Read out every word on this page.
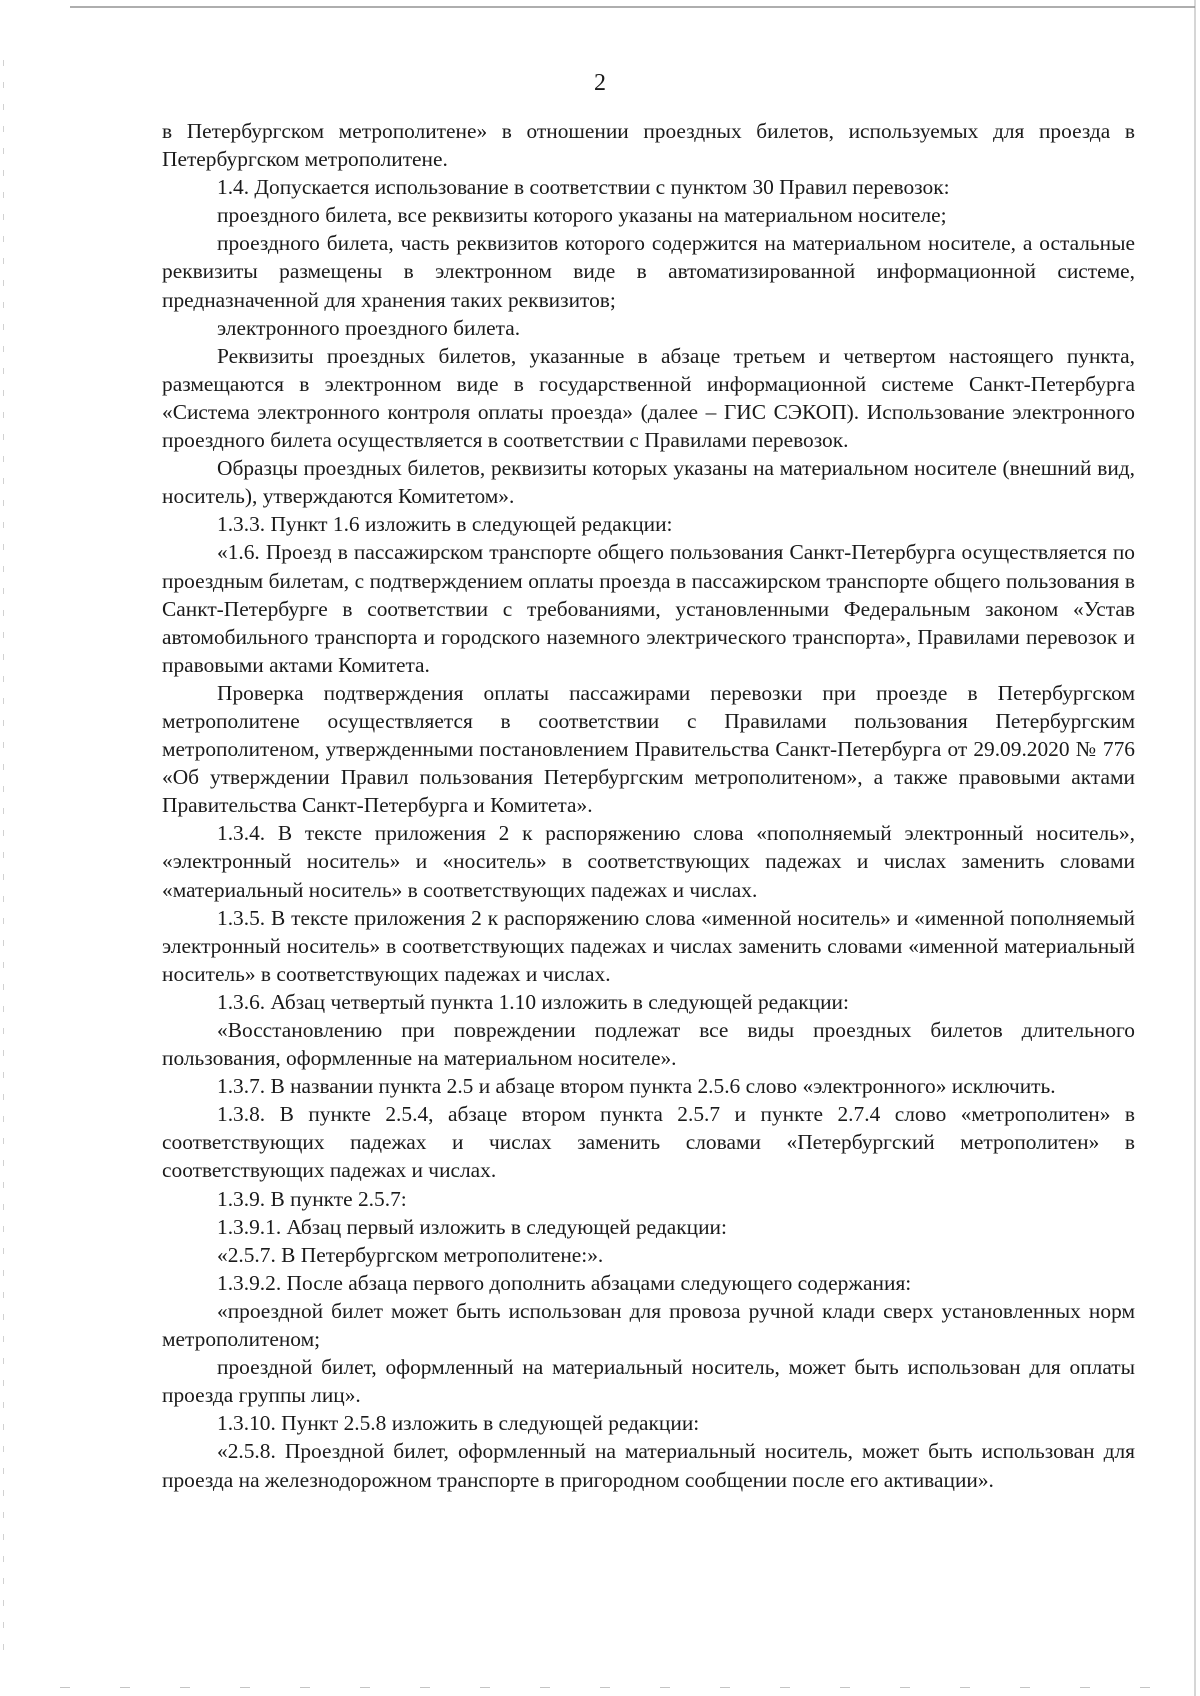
2

в Петербургском метрополитене» в отношении проездных билетов, используемых для проезда в Петербургском метрополитене.

1.4. Допускается использование в соответствии с пунктом 30 Правил перевозок:

проездного билета, все реквизиты которого указаны на материальном носителе;

проездного билета, часть реквизитов которого содержится на материальном носителе, а остальные реквизиты размещены в электронном виде в автоматизированной информационной системе, предназначенной для хранения таких реквизитов;

электронного проездного билета.

Реквизиты проездных билетов, указанные в абзаце третьем и четвертом настоящего пункта, размещаются в электронном виде в государственной информационной системе Санкт-Петербурга «Система электронного контроля оплаты проезда» (далее – ГИС СЭКОП). Использование электронного проездного билета осуществляется в соответствии с Правилами перевозок.

Образцы проездных билетов, реквизиты которых указаны на материальном носителе (внешний вид, носитель), утверждаются Комитетом».

1.3.3. Пункт 1.6 изложить в следующей редакции:

«1.6. Проезд в пассажирском транспорте общего пользования Санкт-Петербурга осуществляется по проездным билетам, с подтверждением оплаты проезда в пассажирском транспорте общего пользования в Санкт-Петербурге в соответствии с требованиями, установленными Федеральным законом «Устав автомобильного транспорта и городского наземного электрического транспорта», Правилами перевозок и правовыми актами Комитета.

Проверка подтверждения оплаты пассажирами перевозки при проезде в Петербургском метрополитене осуществляется в соответствии с Правилами пользования Петербургским метрополитеном, утвержденными постановлением Правительства Санкт-Петербурга от 29.09.2020 № 776 «Об утверждении Правил пользования Петербургским метрополитеном», а также правовыми актами Правительства Санкт-Петербурга и Комитета».

1.3.4. В тексте приложения 2 к распоряжению слова «пополняемый электронный носитель», «электронный носитель» и «носитель» в соответствующих падежах и числах заменить словами «материальный носитель» в соответствующих падежах и числах.

1.3.5. В тексте приложения 2 к распоряжению слова «именной носитель» и «именной пополняемый электронный носитель» в соответствующих падежах и числах заменить словами «именной материальный носитель» в соответствующих падежах и числах.

1.3.6. Абзац четвертый пункта 1.10 изложить в следующей редакции:

«Восстановлению при повреждении подлежат все виды проездных билетов длительного пользования, оформленные на материальном носителе».

1.3.7. В названии пункта 2.5 и абзаце втором пункта 2.5.6 слово «электронного» исключить.

1.3.8. В пункте 2.5.4, абзаце втором пункта 2.5.7 и пункте 2.7.4 слово «метрополитен» в соответствующих падежах и числах заменить словами «Петербургский метрополитен» в соответствующих падежах и числах.

1.3.9. В пункте 2.5.7:

1.3.9.1. Абзац первый изложить в следующей редакции:

«2.5.7. В Петербургском метрополитене:».

1.3.9.2. После абзаца первого дополнить абзацами следующего содержания:

«проездной билет может быть использован для провоза ручной клади сверх установленных норм метрополитеном;

проездной билет, оформленный на материальный носитель, может быть использован для оплаты проезда группы лиц».

1.3.10. Пункт 2.5.8 изложить в следующей редакции:

«2.5.8. Проездной билет, оформленный на материальный носитель, может быть использован для проезда на железнодорожном транспорте в пригородном сообщении после его активации».
